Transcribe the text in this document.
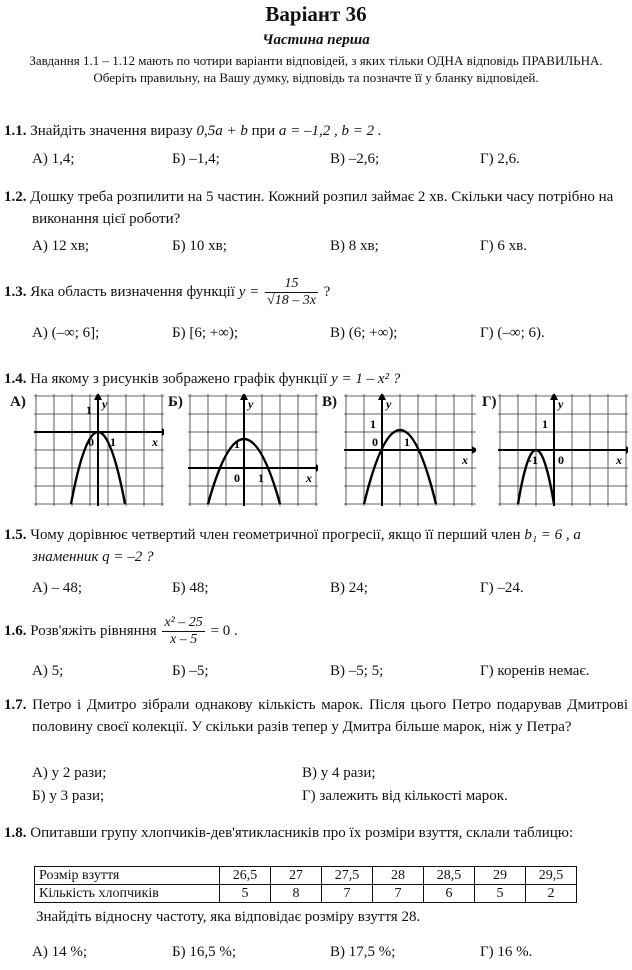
Варіант 36
Частина перша
Завдання 1.1 – 1.12 мають по чотири варіанти відповідей, з яких тільки ОДНА відповідь ПРАВИЛЬНА. Оберіть правильну, на Вашу думку, відповідь та позначте її у бланку відповідей.
1.1. Знайдіть значення виразу 0,5a + b при a = –1,2 , b = 2 .
А) 1,4;	Б) –1,4;	В) –2,6;	Г) 2,6.
1.2. Дошку треба розпилити на 5 частин. Кожний розпил займає 2 хв. Скільки часу потрібно на виконання цієї роботи?
А) 12 хв;	Б) 10 хв;	В) 8 хв;	Г) 6 хв.
1.3. Яка область визначення функції $y = \frac{15}{√18 - 3x}$ ?
А) (–∞; 6];	Б) [6; +∞);	В) (6; +∞);	Г) (–∞; 6).
1.4. На якому з рисунків зображено графік функції y = 1 – x² ?
А)	Б)	В)	Г)
1 y
0 1	x	1
y
0 1	x
1
y
0 1
x
1
y
-1 0	x
1.5. Чому дорівнює четвертий член геометричної прогресії, якщо її перший член b₁ = 6 , а знаменник q = –2 ?
А) – 48;	Б) 48;	В) 24;	Г) –24.
1.6. Розв'яжіть рівняння $\frac{\text{x² – 25}}{x - 5} = 0$ .
А) 5;	Б) –5;	В) –5; 5;	Г) коренів немає.
1.7. Петро і Дмитро зібрали однакову кількість марок. Після цього Петро подарував Дмитрові половину своєї колекції. У скільки разів тепер у Дмитра більше марок, ніж у Петра?
А) у 2 рази;	В) у 4 рази;
Б) у 3 рази;	Г) залежить від кількості марок.
1.8. Опитавши групу хлопчиків-дев'ятикласників про їх розміри взуття, склали таблицю:
Розмір взуття	26,5	27	27,5	28	28,5	29	29,5
Кількість хлопчиків	5	8	7	7	6	5	2
Знайдіть відносну частоту, яка відповідає розміру взуття 28.
А) 14 %;	Б) 16,5 %;	В) 17,5 %;	Г) 16 %.
